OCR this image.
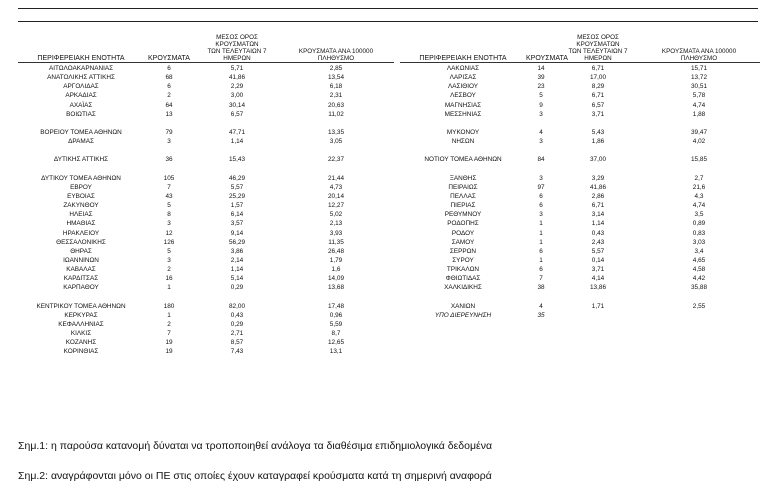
ΠΕΡΙΦΕΡΕΙΑΚΗ ΕΝΟΤΗΤΑ	ΚΡΟΥΣΜΑΤΑ
ΜΕΣΟΣ ΟΡΟΣ ΚΡΟΥΣΜΑΤΩΝ
ΤΩΝ ΤΕΛΕΥΤΑΙΩΝ 7 ΗΜΕΡΩΝ
ΚΡΟΥΣΜΑΤΑ ΑΝΑ 100000
ΠΛΗΘΥΣΜΟ
ΑΙΤΩΛΟΑΚΑΡΝΑΝΙΑΣ	6	5,71	2,85
ΑΝΑΤΟΛΙΚΗΣ ΑΤΤΙΚΗΣ	68	41,86	13,54
ΑΡΓΟΛΙΔΑΣ	6	2,29	6,18
ΑΡΚΑΔΙΑΣ	2	3,00	2,31
ΑΧΑΪΑΣ	64	30,14	20,63
ΒΟΙΩΤΙΑΣ	13	6,57	11,02
ΒΟΡΕΙΟΥ ΤΟΜΕΑ ΑΘΗΝΩΝ	79	47,71	13,35
ΔΡΑΜΑΣ	3	1,14	3,05
ΔΥΤΙΚΗΣ ΑΤΤΙΚΗΣ	36	15,43	22,37
ΔΥΤΙΚΟΥ ΤΟΜΕΑ ΑΘΗΝΩΝ	105	46,29	21,44
ΕΒΡΟΥ	7	5,57	4,73
ΕΥΒΟΙΑΣ	43	25,29	20,14
ΖΑΚΥΝΘΟΥ	5	1,57	12,27
ΗΛΕΙΑΣ	8	6,14	5,02
ΗΜΑΘΙΑΣ	3	3,57	2,13
ΗΡΑΚΛΕΙΟΥ	12	9,14	3,93
ΘΕΣΣΑΛΟΝΙΚΗΣ	126	56,29	11,35
ΘΗΡΑΣ	5	3,86	26,48
ΙΩΑΝΝΙΝΩΝ	3	2,14	1,79
ΚΑΒΑΛΑΣ	2	1,14	1,6
ΚΑΡΔΙΤΣΑΣ	16	5,14	14,09
ΚΑΡΠΑΘΟΥ	1	0,29	13,68
ΚΕΝΤΡΙΚΟΥ ΤΟΜΕΑ ΑΘΗΝΩΝ	180	82,00	17,48
ΚΕΡΚΥΡΑΣ	1	0,43	0,96
ΚΕΦΑΛΛΗΝΙΑΣ	2	0,29	5,59
ΚΙΛΚΙΣ	7	2,71	8,7
ΚΟΖΑΝΗΣ	19	8,57	12,65
ΚΟΡΙΝΘΙΑΣ	19	7,43	13,1
ΠΕΡΙΦΕΡΕΙΑΚΗ ΕΝΟΤΗΤΑ	ΚΡΟΥΣΜΑΤΑ
ΜΕΣΟΣ ΟΡΟΣ ΚΡΟΥΣΜΑΤΩΝ
ΤΩΝ ΤΕΛΕΥΤΑΙΩΝ 7 ΗΜΕΡΩΝ
ΚΡΟΥΣΜΑΤΑ ΑΝΑ 100000
ΠΛΗΘΥΣΜΟ
ΛΑΚΩΝΙΑΣ	14	6,71	15,71
ΛΑΡΙΣΑΣ	39	17,00	13,72
ΛΑΣΙΘΙΟΥ	23	8,29	30,51
ΛΕΣΒΟΥ	5	6,71	5,78
ΜΑΓΝΗΣΙΑΣ	9	6,57	4,74
ΜΕΣΣΗΝΙΑΣ	3	3,71	1,88
ΜΥΚΟΝΟΥ	4	5,43	39,47
ΝΗΣΩΝ	3	1,86	4,02
ΝΟΤΙΟΥ ΤΟΜΕΑ ΑΘΗΝΩΝ	84	37,00	15,85
ΞΑΝΘΗΣ	3	3,29	2,7
ΠΕΙΡΑΙΩΣ	97	41,86	21,6
ΠΕΛΛΑΣ	6	2,86	4,3
ΠΙΕΡΙΑΣ	6	6,71	4,74
ΡΕΘΥΜΝΟΥ	3	3,14	3,5
ΡΟΔΟΠΗΣ	1	1,14	0,89
ΡΟΔΟΥ	1	0,43	0,83
ΣΑΜΟΥ	1	2,43	3,03
ΣΕΡΡΩΝ	6	5,57	3,4
ΣΥΡΟΥ	1	0,14	4,65
ΤΡΙΚΑΛΩΝ	6	3,71	4,58
ΦΘΙΩΤΙΔΑΣ	7	4,14	4,42
ΧΑΛΚΙΔΙΚΗΣ	38	13,86	35,88
ΧΑΝΙΩΝ	4	1,71	2,55
ΥΠΟ ΔΙΕΡΕΥΝΗΣΗ	35
Σημ.1: η παρούσα κατανομή δύναται να τροποποιηθεί ανάλογα τα διαθέσιμα επιδημιολογικά δεδομένα
Σημ.2: αναγράφονται μόνο οι ΠΕ στις οποίες έχουν καταγραφεί κρούσματα κατά τη σημερινή αναφορά
